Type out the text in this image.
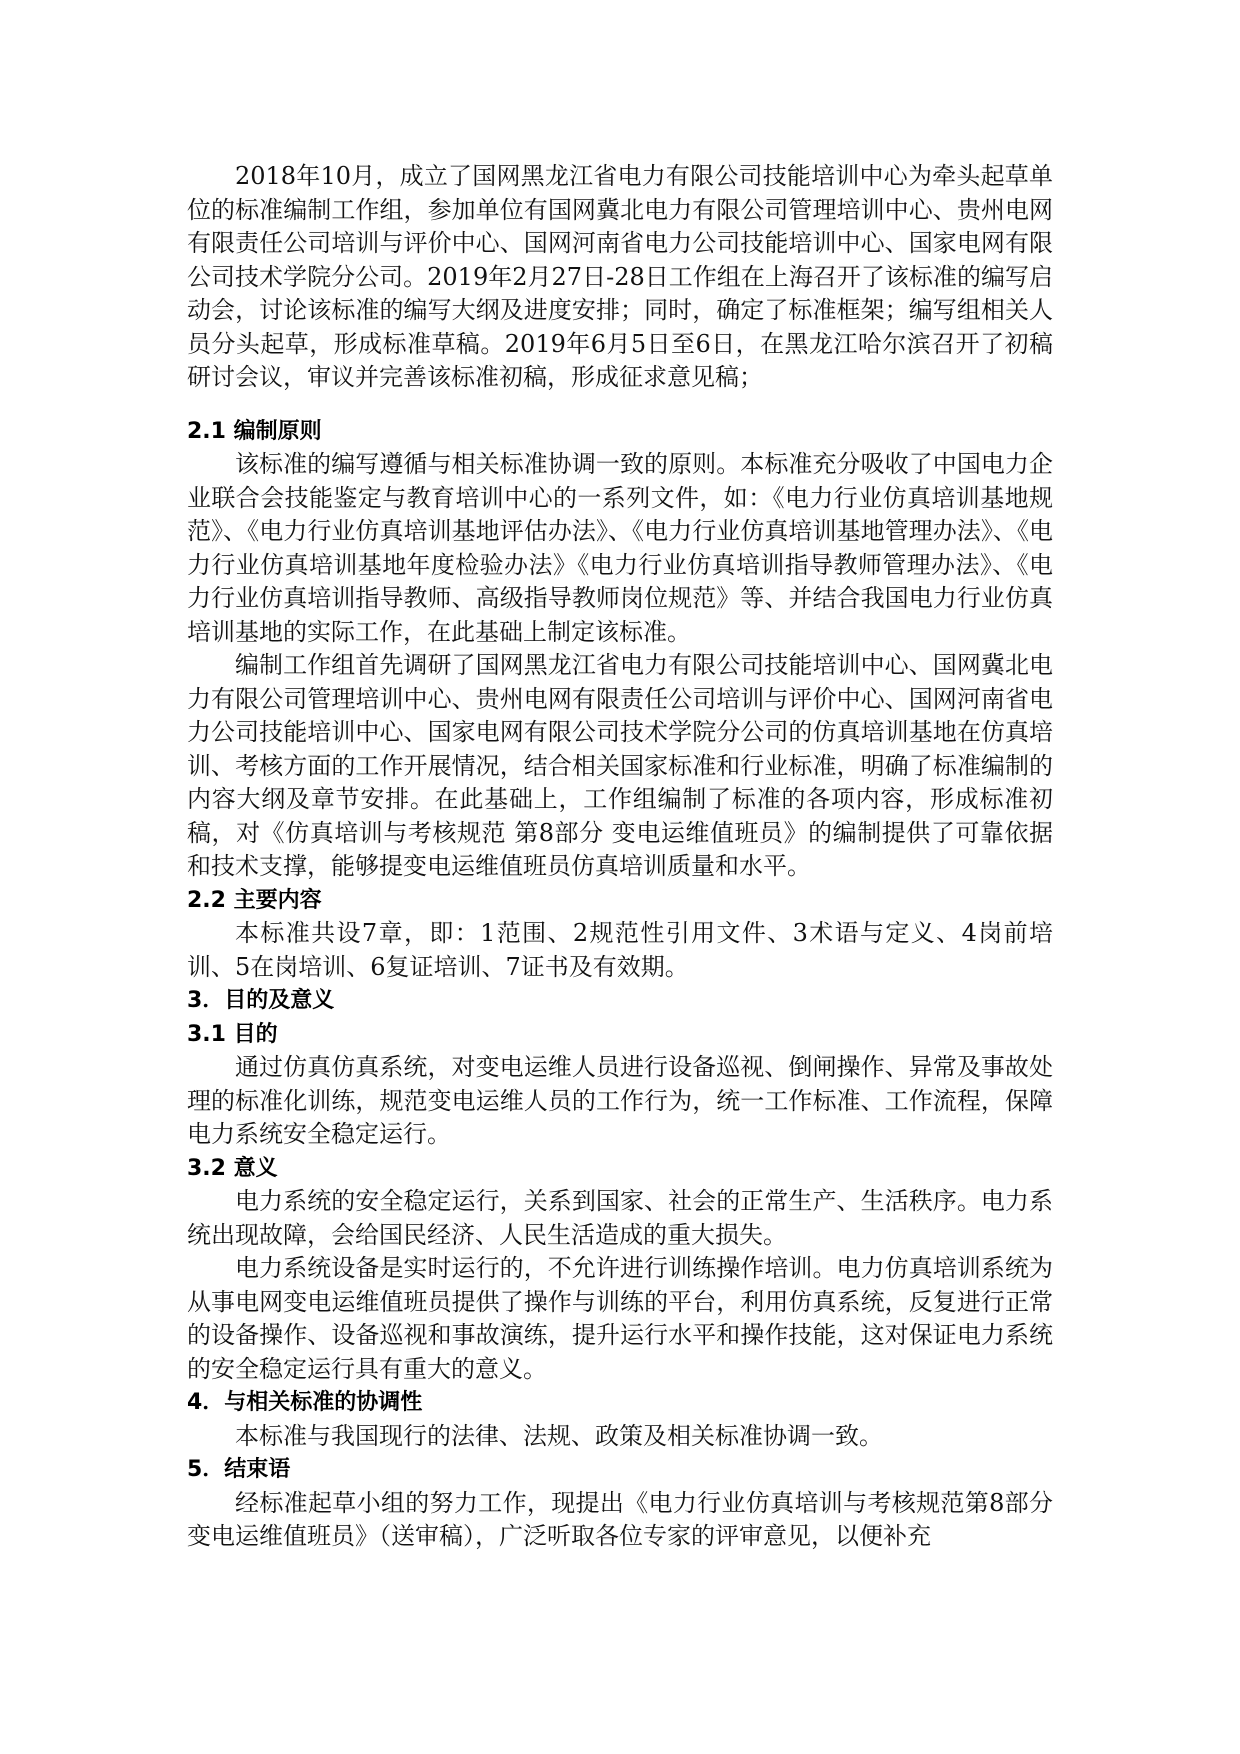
2018年10月，成立了国网黑龙江省电力有限公司技能培训中心为牵头起草单位的标准编制工作组，参加单位有国网冀北电力有限公司管理培训中心、贵州电网有限责任公司培训与评价中心、国网河南省电力公司技能培训中心、国家电网有限公司技术学院分公司。2019年2月27日-28日工作组在上海召开了该标准的编写启动会，讨论该标准的编写大纲及进度安排；同时，确定了标准框架；编写组相关人员分头起草，形成标准草稿。2019年6月5日至6日，在黑龙江哈尔滨召开了初稿研讨会议，审议并完善该标准初稿，形成征求意见稿；

2.1 编制原则

该标准的编写遵循与相关标准协调一致的原则。本标准充分吸收了中国电力企业联合会技能鉴定与教育培训中心的一系列文件，如：《电力行业仿真培训基地规范》、《电力行业仿真培训基地评估办法》、《电力行业仿真培训基地管理办法》、《电力行业仿真培训基地年度检验办法》《电力行业仿真培训指导教师管理办法》、《电力行业仿真培训指导教师、高级指导教师岗位规范》等、并结合我国电力行业仿真培训基地的实际工作，在此基础上制定该标准。

编制工作组首先调研了国网黑龙江省电力有限公司技能培训中心、国网冀北电力有限公司管理培训中心、贵州电网有限责任公司培训与评价中心、国网河南省电力公司技能培训中心、国家电网有限公司技术学院分公司的仿真培训基地在仿真培训、考核方面的工作开展情况，结合相关国家标准和行业标准，明确了标准编制的内容大纲及章节安排。在此基础上，工作组编制了标准的各项内容，形成标准初稿，对《仿真培训与考核规范 第8部分 变电运维值班员》的编制提供了可靠依据和技术支撑，能够提变电运维值班员仿真培训质量和水平。

2.2 主要内容

本标准共设7章，即：1范围、2规范性引用文件、3术语与定义、4岗前培训、5在岗培训、6复证培训、7证书及有效期。

3．目的及意义

3.1 目的

通过仿真仿真系统，对变电运维人员进行设备巡视、倒闸操作、异常及事故处理的标准化训练，规范变电运维人员的工作行为，统一工作标准、工作流程，保障电力系统安全稳定运行。

3.2 意义

电力系统的安全稳定运行，关系到国家、社会的正常生产、生活秩序。电力系统出现故障，会给国民经济、人民生活造成的重大损失。

电力系统设备是实时运行的，不允许进行训练操作培训。电力仿真培训系统为从事电网变电运维值班员提供了操作与训练的平台，利用仿真系统，反复进行正常的设备操作、设备巡视和事故演练，提升运行水平和操作技能，这对保证电力系统的安全稳定运行具有重大的意义。

4．与相关标准的协调性

本标准与我国现行的法律、法规、政策及相关标准协调一致。

5．结束语

经标准起草小组的努力工作，现提出《电力行业仿真培训与考核规范第8部分 变电运维值班员》（送审稿），广泛听取各位专家的评审意见，以便补充
